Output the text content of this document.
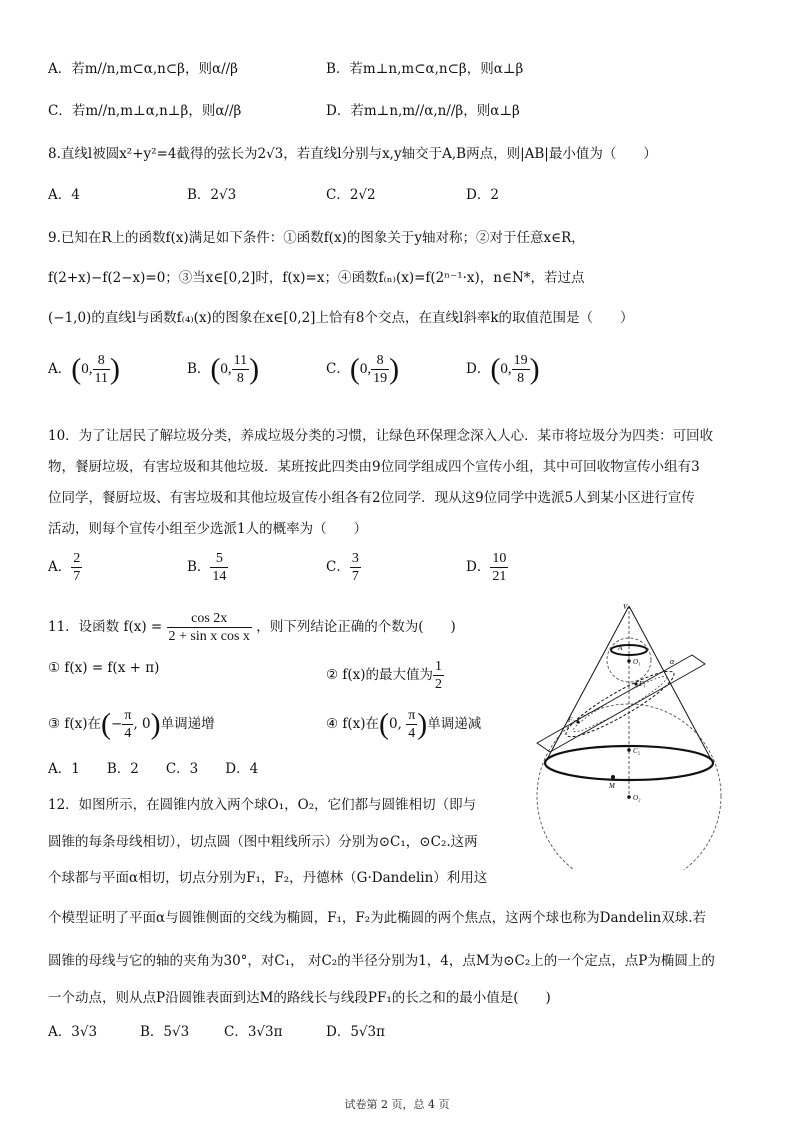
A．若m//n,m⊂α,n⊂β，则α//β	B．若m⊥n,m⊂α,n⊂β，则α⊥β
C．若m//n,m⊥α,n⊥β，则α//β	D．若m⊥n,m//α,n//β，则α⊥β
8.直线l被圆x²+y²=4截得的弦长为2√3，若直线l分别与x,y轴交于A,B两点，则|AB|最小值为（　　）
A．4	B．2√3	C．2√2	D．2
9.已知在R上的函数f(x)满足如下条件：①函数f(x)的图象关于y轴对称；②对于任意x∈R，
f(2+x)−f(2−x)=0；③当x∈[0,2]时，f(x)=x；④函数f₍ₙ₎(x)=f(2ⁿ⁻¹·x)，n∈N*，若过点
(−1,0)的直线l与函数f₍₄₎(x)的图象在x∈[0,2]上恰有8个交点，在直线l斜率k的取值范围是（　　）
A．(0, $\frac{8}{11}$ )	B．(0, $\frac{11}{8}$ )	C．(0, $\frac{8}{19}$ )	D．(0, $\frac{19}{8}$ )
10．为了让居民了解垃圾分类，养成垃圾分类的习惯，让绿色环保理念深入人心．某市将垃圾分为四类：可回收
物，餐厨垃圾，有害垃圾和其他垃圾．某班按此四类由9位同学组成四个宣传小组，其中可回收物宣传小组有3
位同学，餐厨垃圾、有害垃圾和其他垃圾宣传小组各有2位同学．现从这9位同学中选派5人到某小区进行宣传
活动，则每个宣传小组至少选派1人的概率为（　　）
A． $\frac{2}{7}$	B． $\frac{5}{14}$	C． $\frac{3}{7}$	D． $\frac{10}{21}$
11．设函数 $f(x) = \frac{\cos 2x}{\text{2 + sin x cos x}}$ ，则下列结论正确的个数为(　　)
① f(x) = f(x + π)	② f(x)的最大值为 $\frac{1}{2}$
③ f(x)在(− $\frac{\pi}{4}$ , 0)单调递增	④ f(x)在(0, $\frac{\pi}{4}$ )单调递减
A．1　　B．2　　C．3　　D．4
12．如图所示，在圆锥内放入两个球O₁，O₂，它们都与圆锥相切（即与
圆锥的每条母线相切），切点圆（图中粗线所示）分别为⊙C₁，⊙C₂.这两
个球都与平面α相切，切点分别为F₁，F₂，丹德林（G·Dandelin）利用这
个模型证明了平面α与圆锥侧面的交线为椭圆，F₁，F₂为此椭圆的两个焦点，这两个球也称为Dandelin双球.若
圆锥的母线与它的轴的夹角为30°，对C₁， 对C₂的半径分别为1，4，点M为⊙C₂上的一个定点，点P为椭圆上的
一个动点，则从点P沿圆锥表面到达M的路线长与线段PF₁的长之和的最小值是(　　)
A．3√3	B．5√3	C．3√3π	D．5√3π
V
A
O₁	α
F₁
F₂
C₂
M
O₂
试卷第 2 页，总 4 页
